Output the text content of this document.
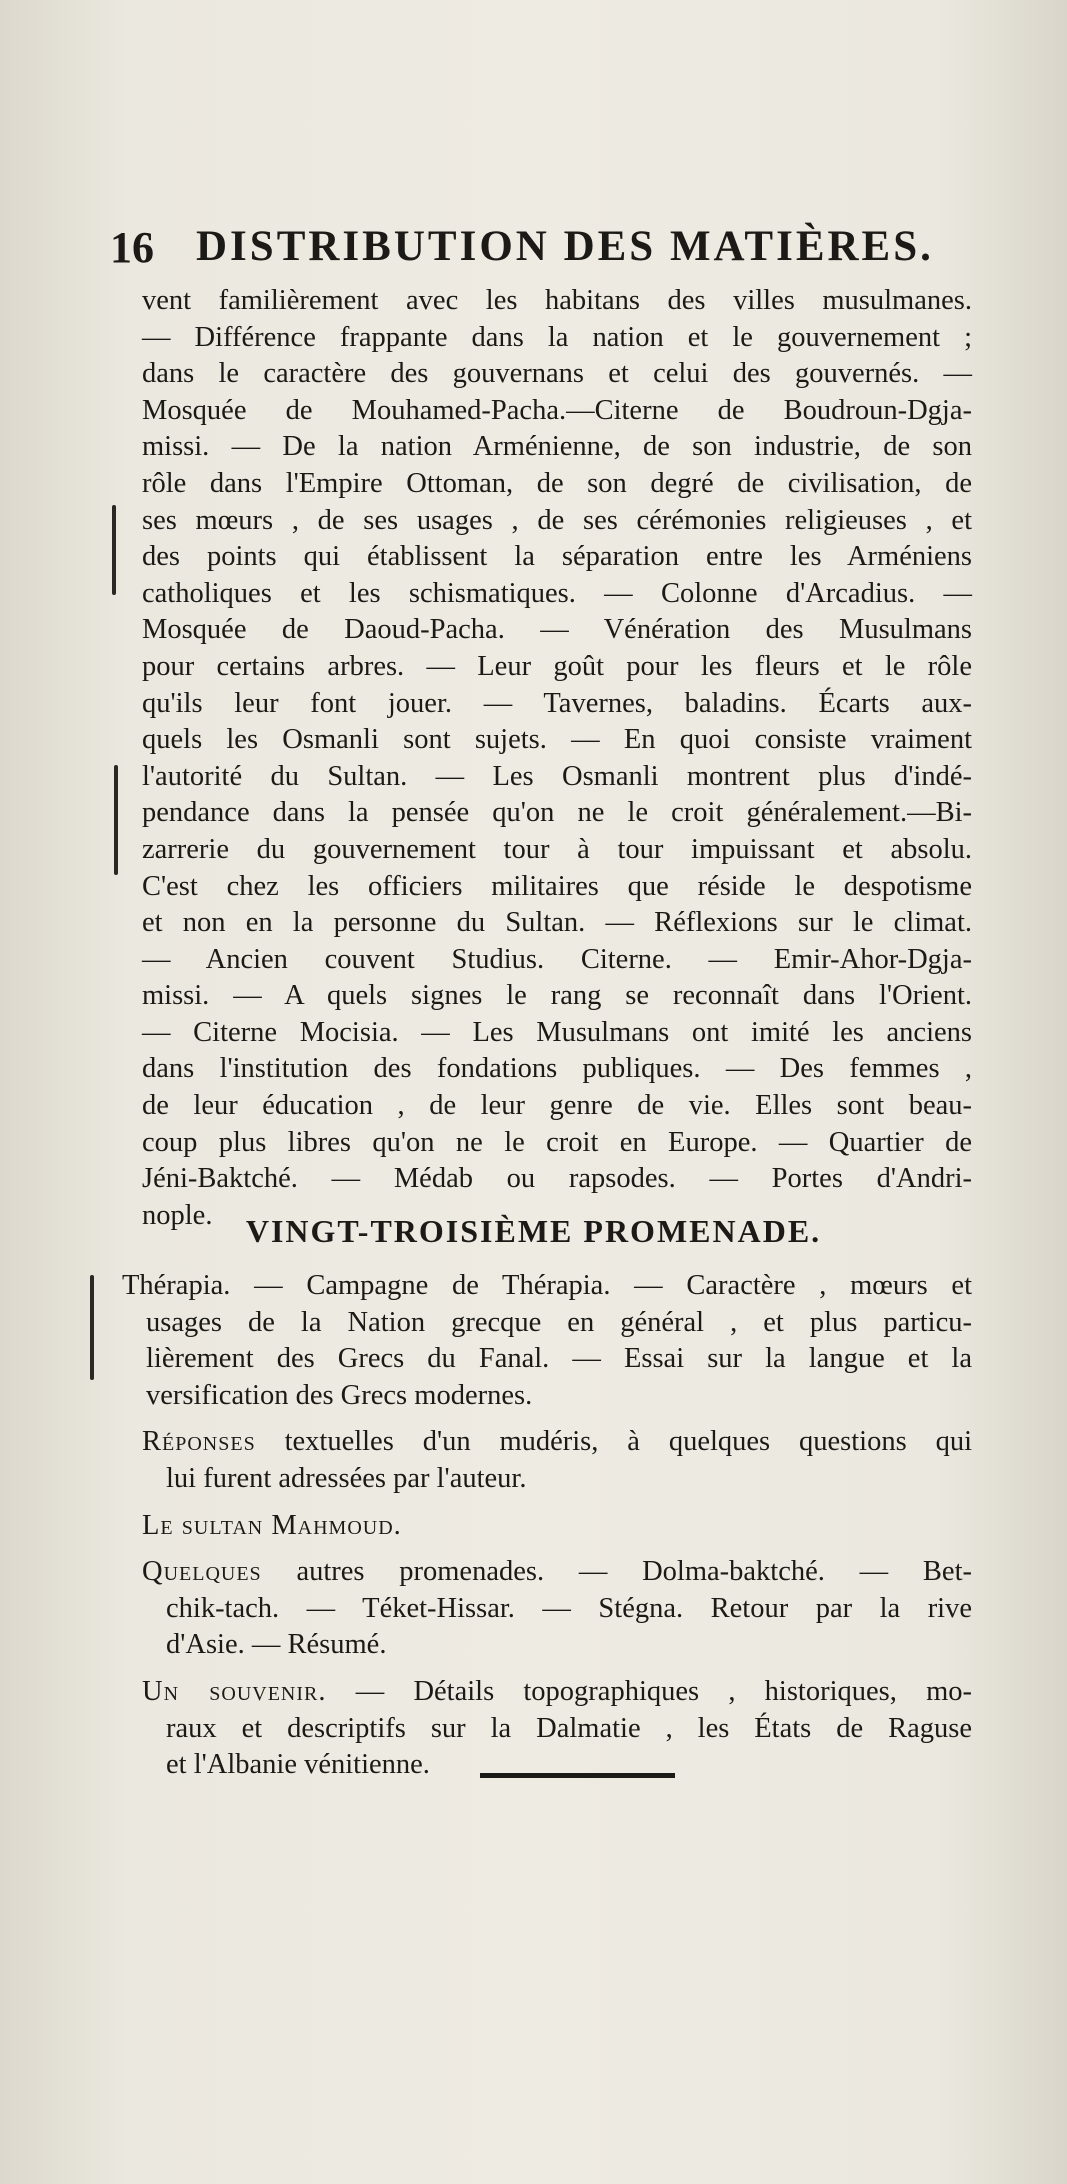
16 DISTRIBUTION DES MATIÈRES.
vent familièrement avec les habitans des villes musulmanes.
— Différence frappante dans la nation et le gouvernement ;
dans le caractère des gouvernans et celui des gouvernés. —
Mosquée de Mouhamed-Pacha.—Citerne de Boudroun-Dgja-
missi. — De la nation Arménienne, de son industrie, de son
rôle dans l'Empire Ottoman, de son degré de civilisation, de
ses mœurs , de ses usages , de ses cérémonies religieuses , et
des points qui établissent la séparation entre les Arméniens
catholiques et les schismatiques. — Colonne d'Arcadius. —
Mosquée de Daoud-Pacha. — Vénération des Musulmans
pour certains arbres. — Leur goût pour les fleurs et le rôle
qu'ils leur font jouer. — Tavernes, baladins. Écarts aux-
quels les Osmanli sont sujets. — En quoi consiste vraiment
l'autorité du Sultan. — Les Osmanli montrent plus d'indé-
pendance dans la pensée qu'on ne le croit généralement.—Bi-
zarrerie du gouvernement tour à tour impuissant et absolu.
C'est chez les officiers militaires que réside le despotisme
et non en la personne du Sultan. — Réflexions sur le climat.
— Ancien couvent Studius. Citerne. — Emir-Ahor-Dgja-
missi. — A quels signes le rang se reconnaît dans l'Orient.
— Citerne Mocisia. — Les Musulmans ont imité les anciens
dans l'institution des fondations publiques. — Des femmes ,
de leur éducation , de leur genre de vie. Elles sont beau-
coup plus libres qu'on ne le croit en Europe. — Quartier de
Jéni-Baktché. — Médab ou rapsodes. — Portes d'Andri-
nople.	VINGT-TROISIÈME PROMENADE.
Thérapia. — Campagne de Thérapia. — Caractère , mœurs et
usages de la Nation grecque en général , et plus particu-
lièrement des Grecs du Fanal. — Essai sur la langue et la
versification des Grecs modernes.
Réponses textuelles d'un mudéris, à quelques questions qui
lui furent adressées par l'auteur.
Le sultan Mahmoud.
Quelques autres promenades. — Dolma-baktché. — Bet-
chik-tach. — Téket-Hissar. — Stégna. Retour par la rive
d'Asie. — Résumé.
Un souvenir. — Détails topographiques , historiques, mo-
raux et descriptifs sur la Dalmatie , les États de Raguse
et l'Albanie vénitienne.
